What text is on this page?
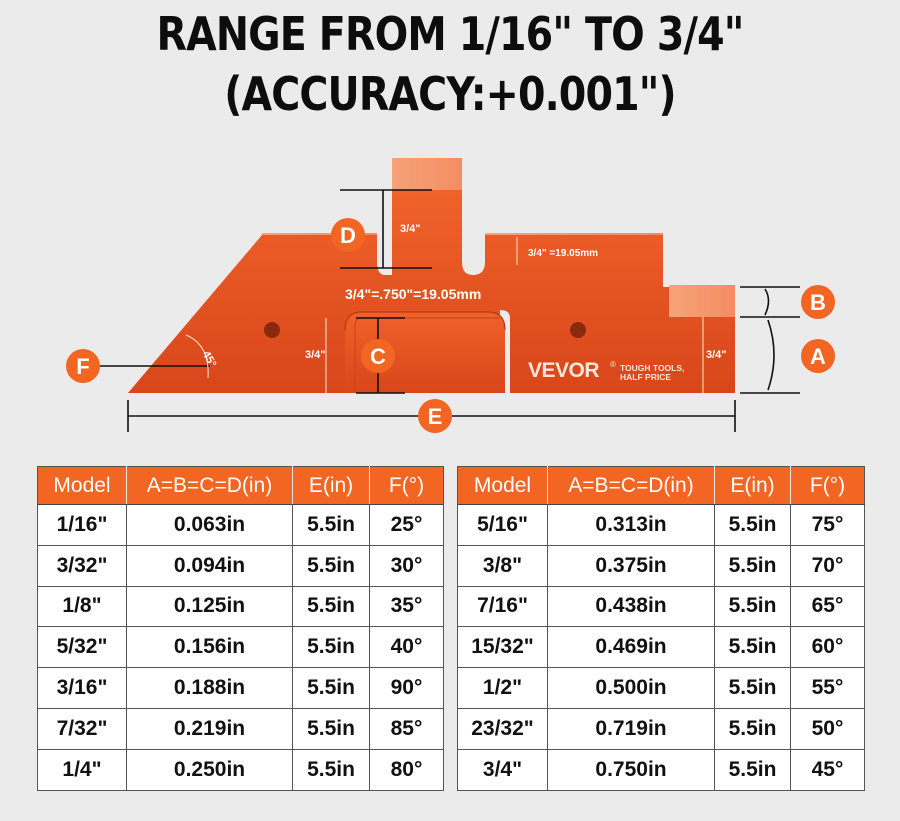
RANGE FROM 1/16" TO 3/4"
(ACCURACY:+0.001")
3/4"
3/4" =19.05mm
3/4"=.750"=19.05mm
3/4"	3/4"
45°	VEVOR ® TOUGH TOOLS,
HALF PRICE
D
B
A
C
F
E
Model	A=B=C=D(in)	E(in)	F(°)
1/16"	0.063in	5.5in	25°
3/32"	0.094in	5.5in	30°
1/8"	0.125in	5.5in	35°
5/32"	0.156in	5.5in	40°
3/16"	0.188in	5.5in	90°
7/32"	0.219in	5.5in	85°
1/4"	0.250in	5.5in	80°
Model	A=B=C=D(in)	E(in)	F(°)
5/16"	0.313in	5.5in	75°
3/8"	0.375in	5.5in	70°
7/16"	0.438in	5.5in	65°
15/32"	0.469in	5.5in	60°
1/2"	0.500in	5.5in	55°
23/32"	0.719in	5.5in	50°
3/4"	0.750in	5.5in	45°
